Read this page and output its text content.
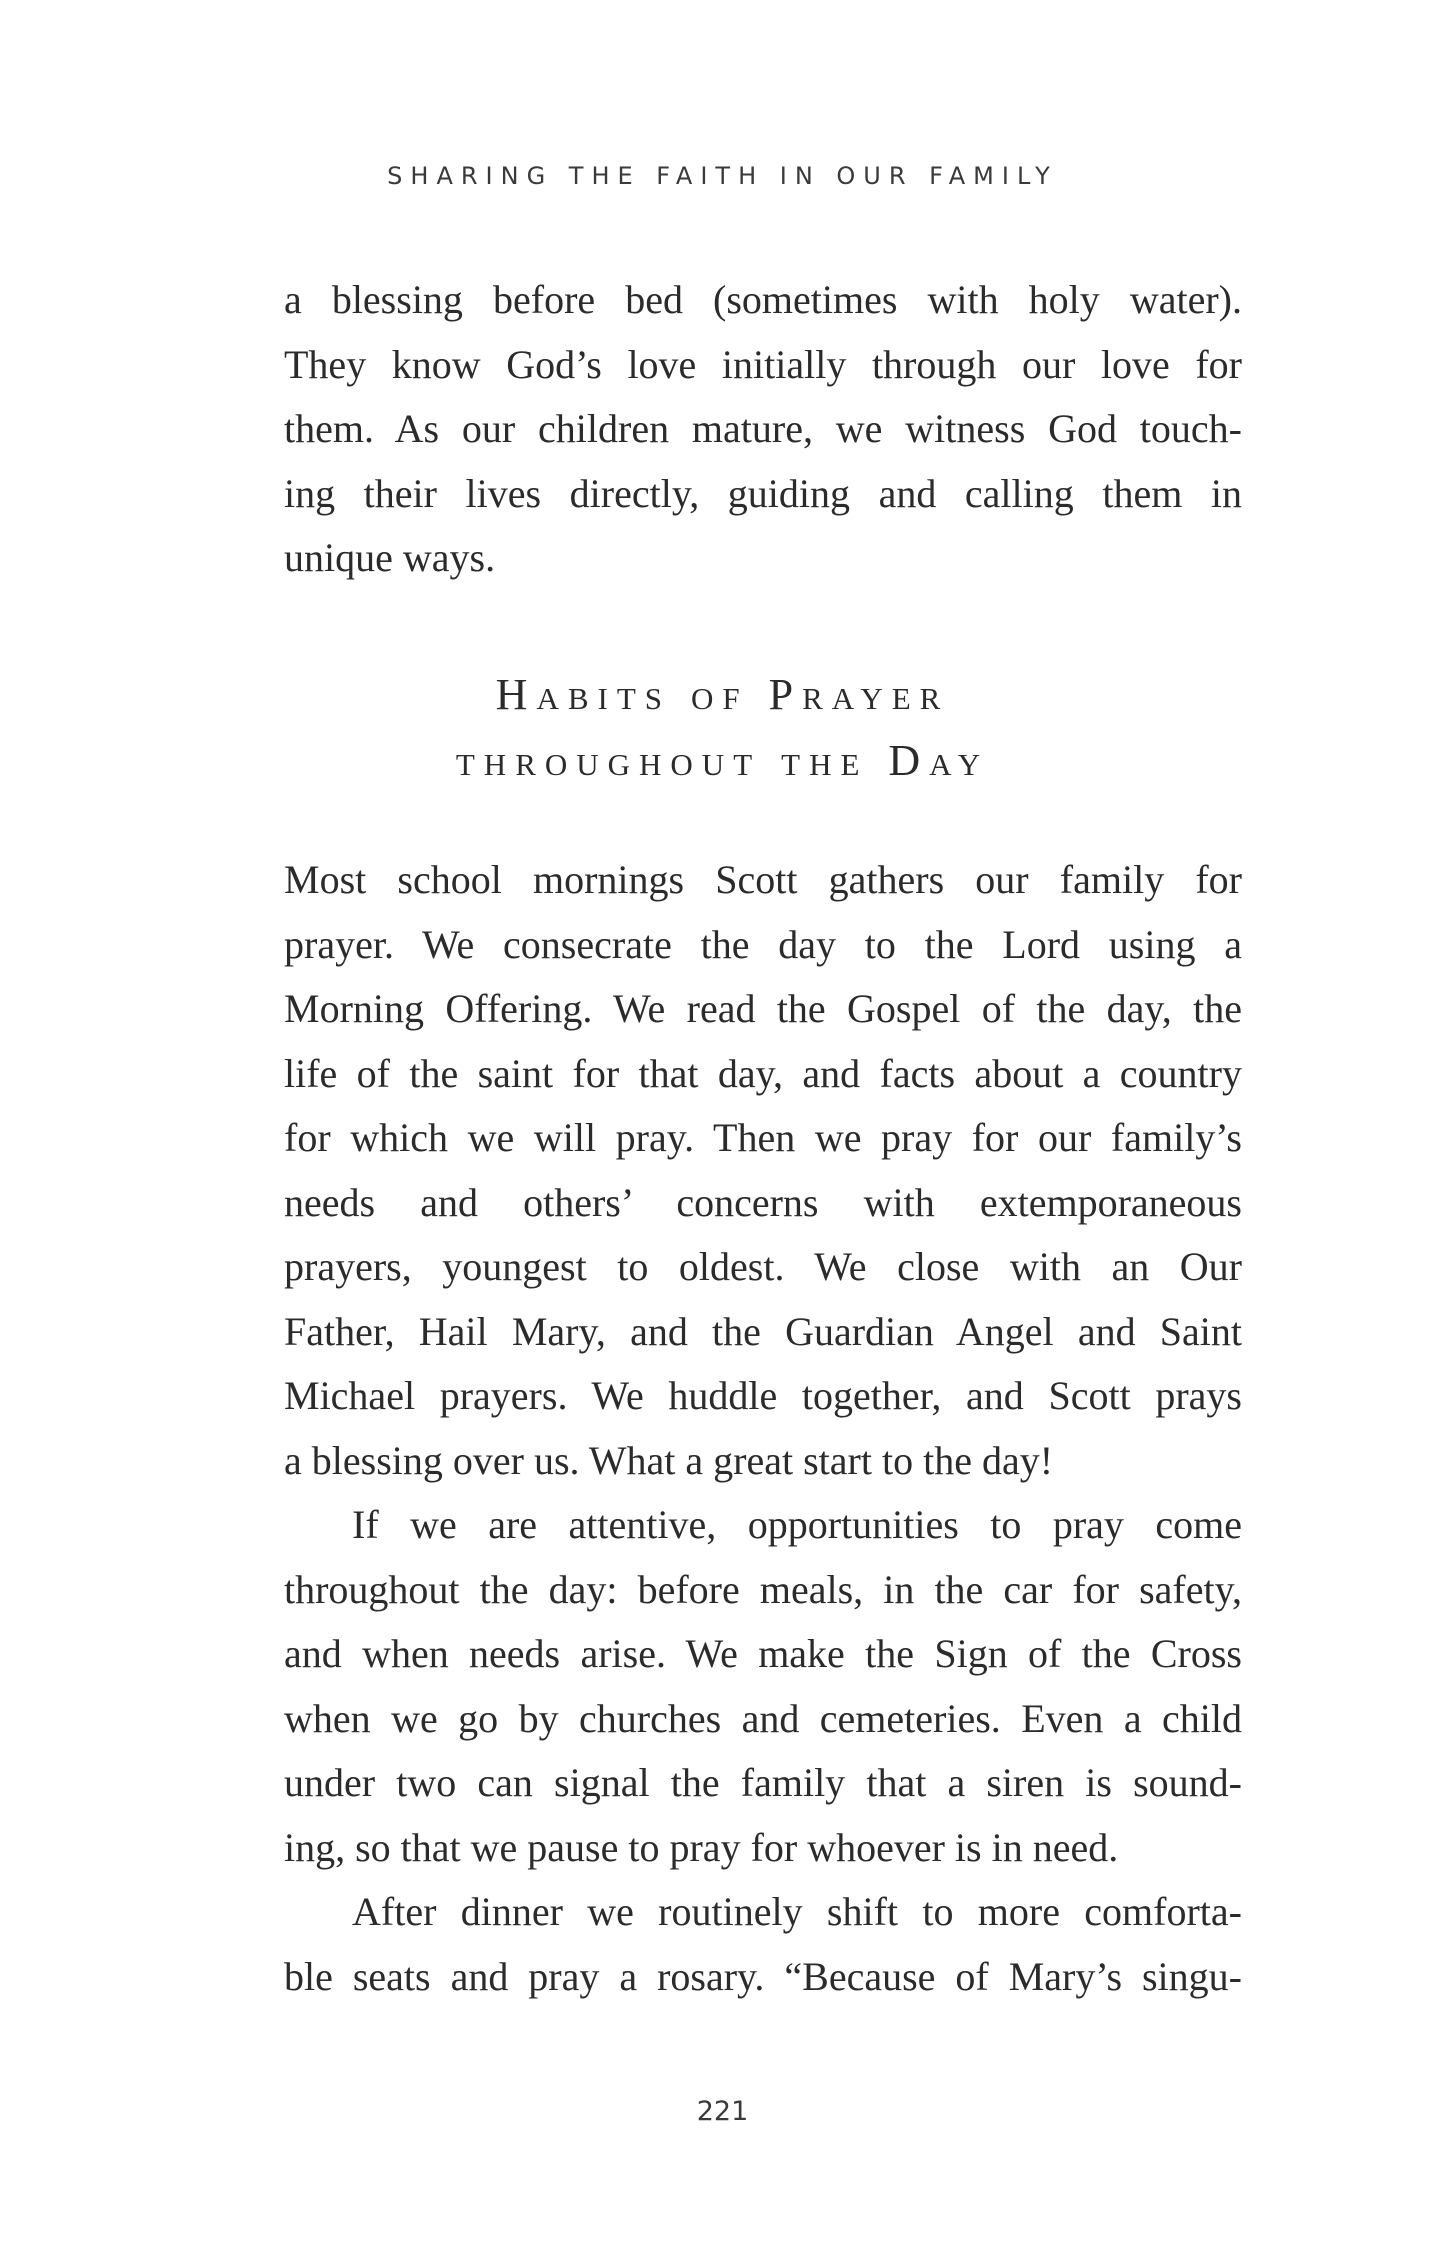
SHARING THE FAITH IN OUR FAMILY
a blessing before bed (sometimes with holy water).
They know God’s love initially through our love for
them. As our children mature, we witness God touch-
ing their lives directly, guiding and calling them in
unique ways.
Habits of Prayer
throughout the Day
Most school mornings Scott gathers our family for
prayer. We consecrate the day to the Lord using a
Morning Offering. We read the Gospel of the day, the
life of the saint for that day, and facts about a country
for which we will pray. Then we pray for our family’s
needs and others’ concerns with extemporaneous
prayers, youngest to oldest. We close with an Our
Father, Hail Mary, and the Guardian Angel and Saint
Michael prayers. We huddle together, and Scott prays
a blessing over us. What a great start to the day!
If we are attentive, opportunities to pray come
throughout the day: before meals, in the car for safety,
and when needs arise. We make the Sign of the Cross
when we go by churches and cemeteries. Even a child
under two can signal the family that a siren is sound-
ing, so that we pause to pray for whoever is in need.
After dinner we routinely shift to more comforta-
ble seats and pray a rosary. “Because of Mary’s singu-
221
